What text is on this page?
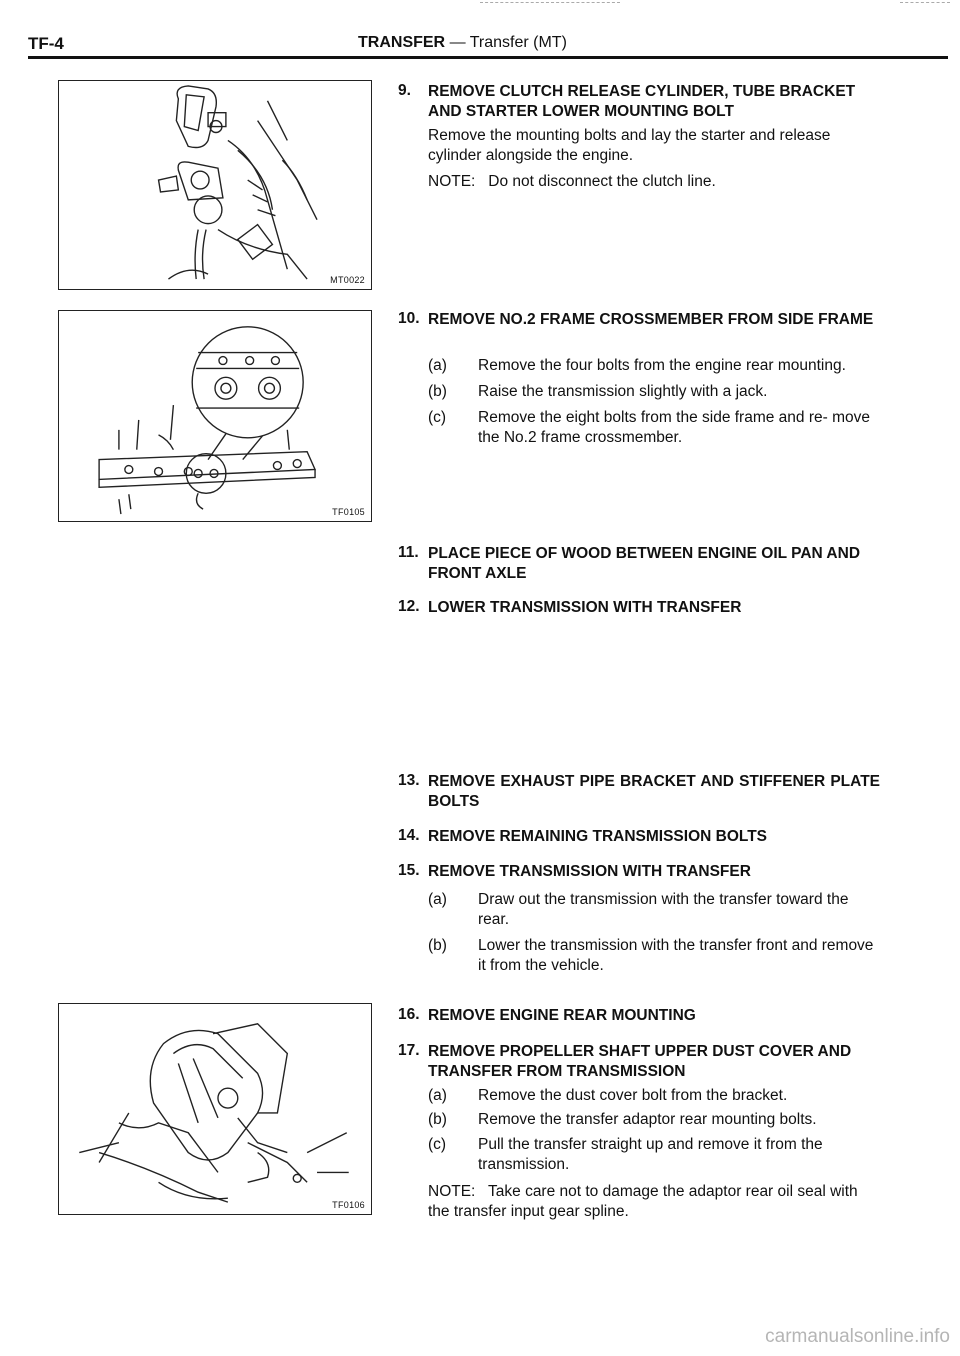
TF-4	TRANSFER — Transfer (MT)
MT0022
TF0105
TF0106
9. REMOVE CLUTCH RELEASE CYLINDER, TUBE BRACKET AND STARTER LOWER MOUNTING BOLT
Remove the mounting bolts and lay the starter and release cylinder alongside the engine.
NOTE: Do not disconnect the clutch line.
10. REMOVE NO.2 FRAME CROSSMEMBER FROM SIDE FRAME
(a) Remove the four bolts from the engine rear mounting.
(b) Raise the transmission slightly with a jack.
(c) Remove the eight bolts from the side frame and re- move the No.2 frame crossmember.
11. PLACE PIECE OF WOOD BETWEEN ENGINE OIL PAN AND FRONT AXLE
12. LOWER TRANSMISSION WITH TRANSFER
13. REMOVE EXHAUST PIPE BRACKET AND STIFFENER PLATE BOLTS
14. REMOVE REMAINING TRANSMISSION BOLTS
15. REMOVE TRANSMISSION WITH TRANSFER
(a) Draw out the transmission with the transfer toward the rear.
(b) Lower the transmission with the transfer front and remove it from the vehicle.
16. REMOVE ENGINE REAR MOUNTING
17. REMOVE PROPELLER SHAFT UPPER DUST COVER AND TRANSFER FROM TRANSMISSION
(a) Remove the dust cover bolt from the bracket.
(b) Remove the transfer adaptor rear mounting bolts.
(c) Pull the transfer straight up and remove it from the transmission.
NOTE: Take care not to damage the adaptor rear oil seal with the transfer input gear spline.
carmanualsonline.info
